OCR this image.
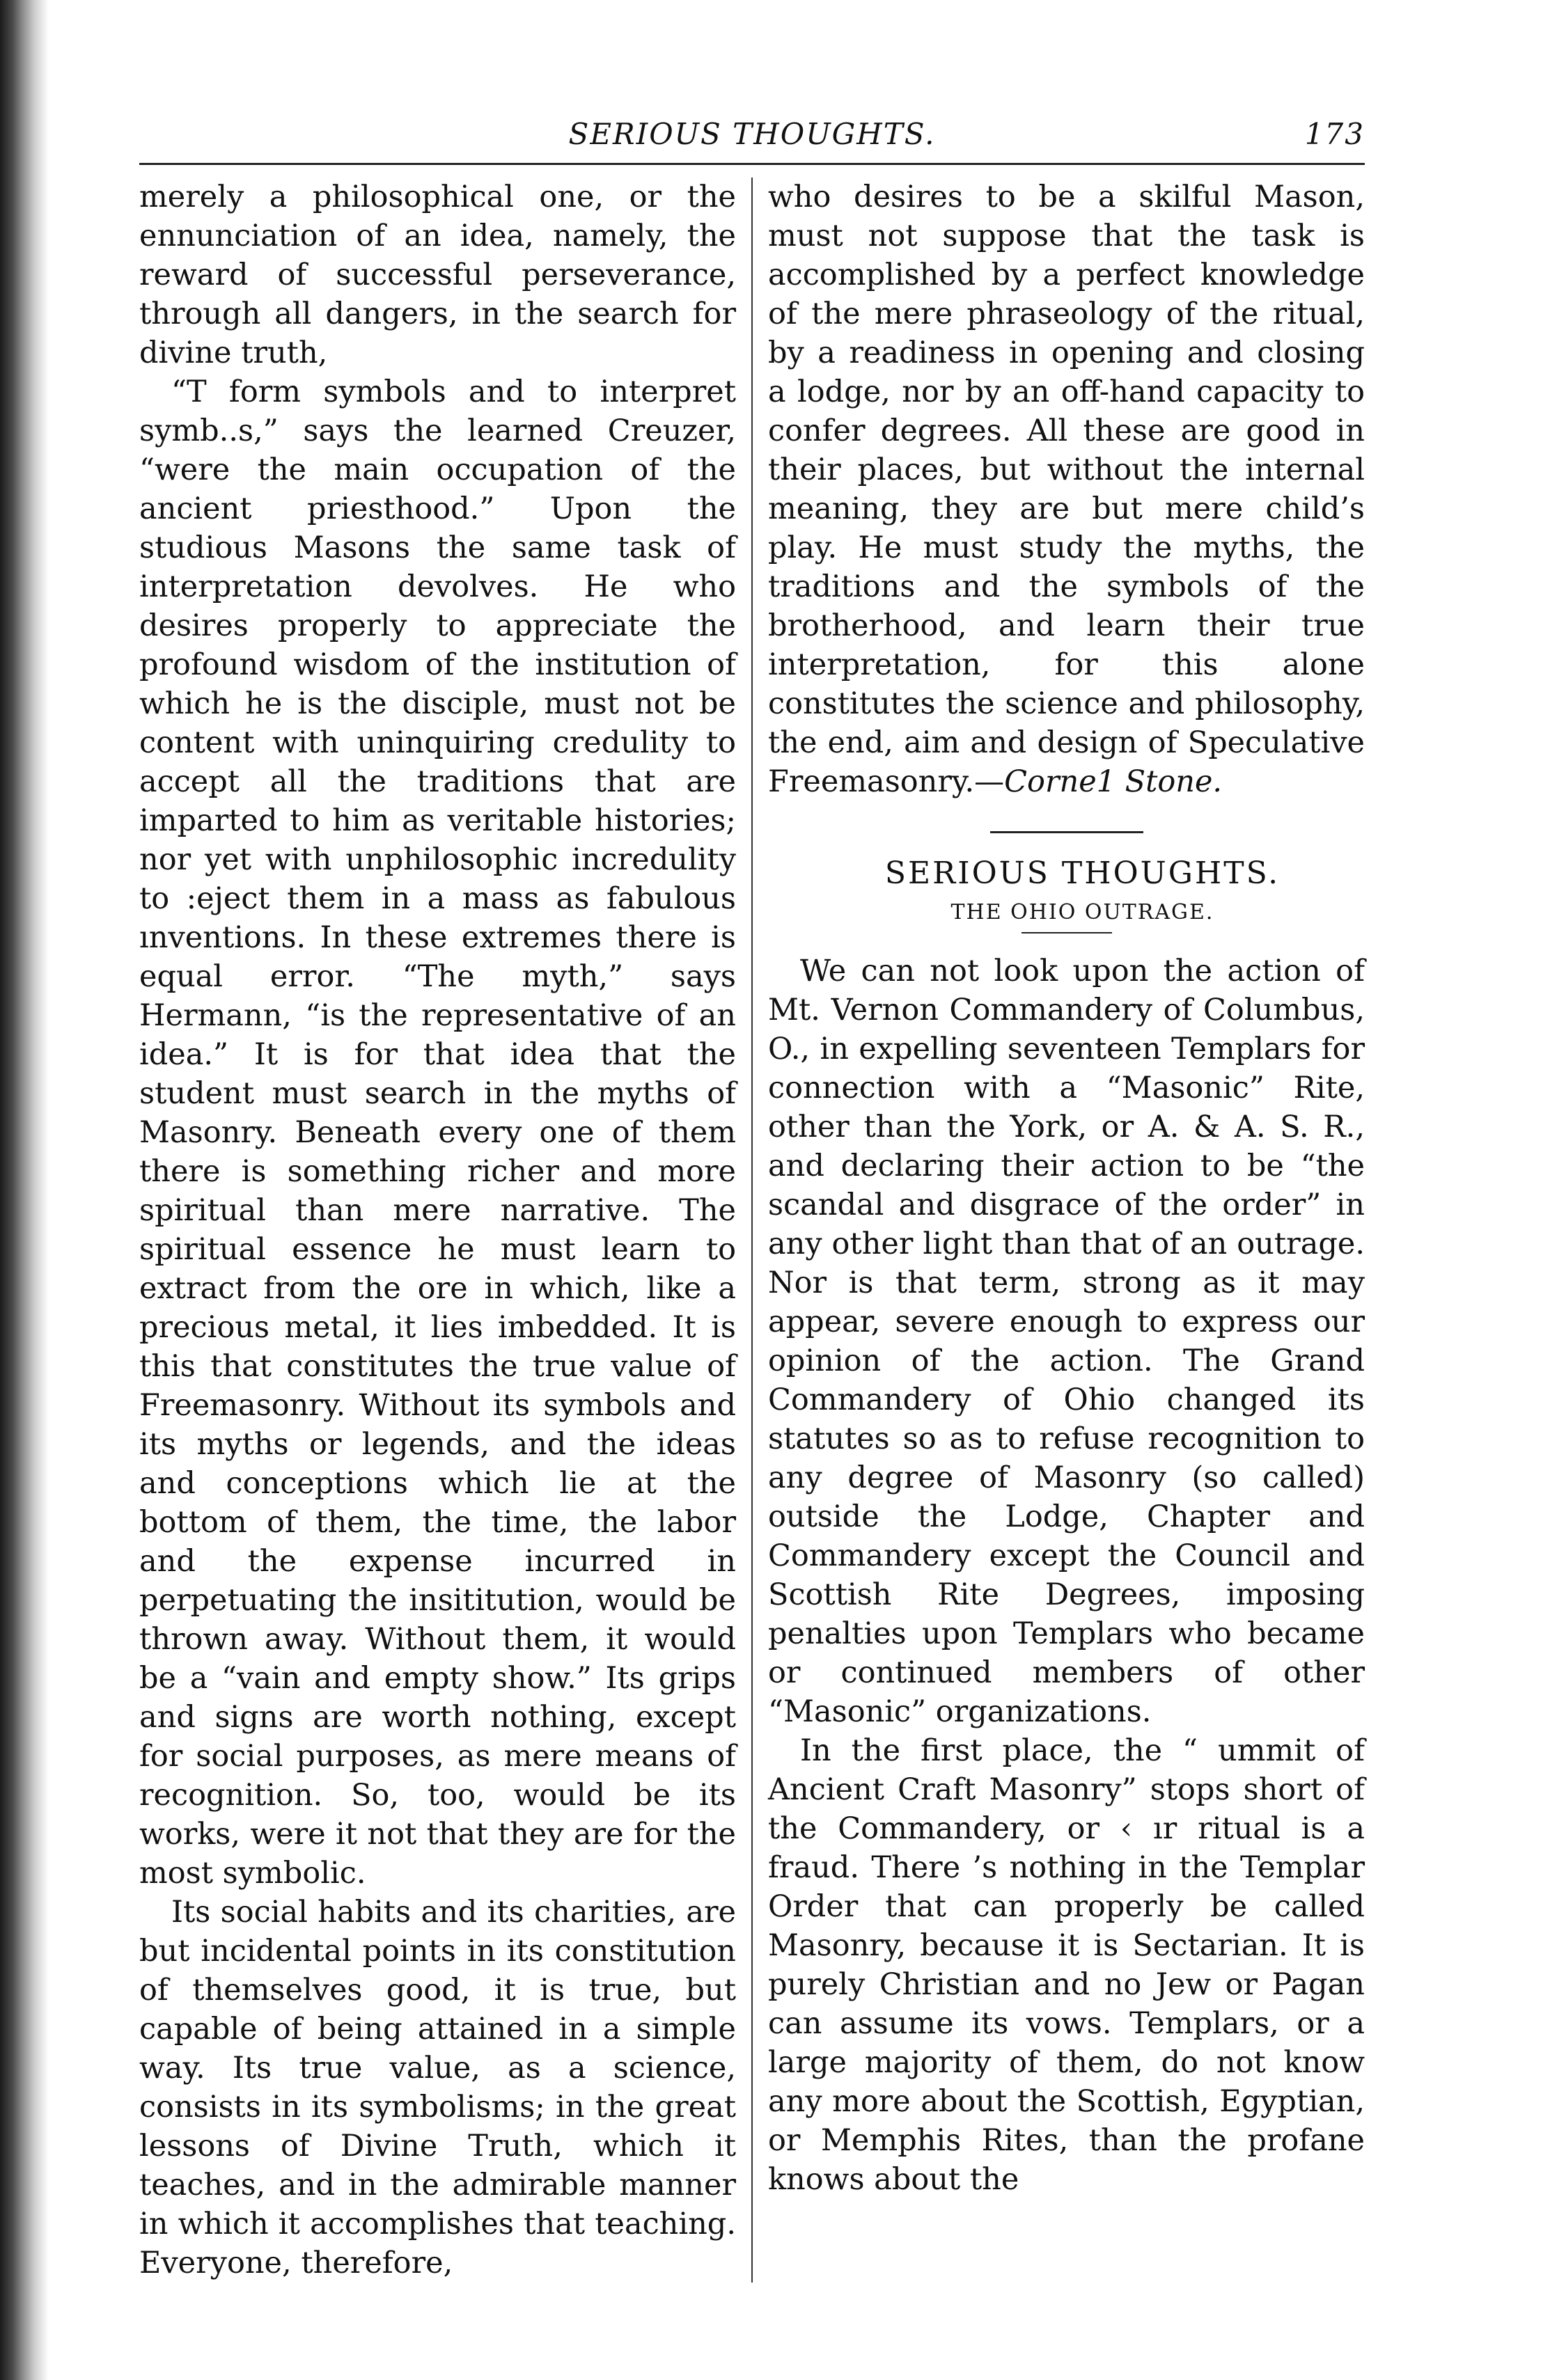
SERIOUS THOUGHTS.	173

merely a philosophical one, or the ennunciation of an idea, namely, the reward of successful perseverance, through all dangers, in the search for divine truth,

“T form symbols and to interpret symb..s,” says the learned Creuzer, “were the main occupation of the ancient priesthood.” Upon the studious Masons the same task of interpretation devolves. He who desires properly to appreciate the profound wisdom of the institution of which he is the disciple, must not be content with uninquiring credulity to accept all the traditions that are imparted to him as veritable histories; nor yet with unphilosophic incredulity to :eject them in a mass as fabulous ınventions. In these extremes there is equal error. “The myth,” says Hermann, “is the representative of an idea.” It is for that idea that the student must search in the myths of Masonry. Beneath every one of them there is something richer and more spiritual than mere narrative. The spiritual essence he must learn to extract from the ore in which, like a precious metal, it lies imbedded. It is this that constitutes the true value of Freemasonry. Without its symbols and its myths or legends, and the ideas and conceptions which lie at the bottom of them, the time, the labor and the expense incurred in perpetuating the insititution, would be thrown away. Without them, it would be a “vain and empty show.” Its grips and signs are worth nothing, except for social purposes, as mere means of recognition. So, too, would be its works, were it not that they are for the most symbolic.

Its social habits and its charities, are but incidental points in its constitution of themselves good, it is true, but capable of being attained in a simple way. Its true value, as a science, consists in its symbolisms; in the great lessons of Divine Truth, which it teaches, and in the admirable manner in which it accomplishes that teaching. Everyone, therefore,

who desires to be a skilful Mason, must not suppose that the task is accomplished by a perfect knowledge of the mere phraseology of the ritual, by a readiness in opening and closing a lodge, nor by an off-hand capacity to confer degrees. All these are good in their places, but without the internal meaning, they are but mere child’s play. He must study the myths, the traditions and the symbols of the brotherhood, and learn their true interpretation, for this alone constitutes the science and philosophy, the end, aim and design of Speculative Freemasonry.—Corne1 Stone.

SERIOUS THOUGHTS.

THE OHIO OUTRAGE.

We can not look upon the action of Mt. Vernon Commandery of Columbus, O., in expelling seventeen Templars for connection with a “Masonic” Rite, other than the York, or A. & A. S. R., and declaring their action to be “the scandal and disgrace of the order” in any other light than that of an outrage. Nor is that term, strong as it may appear, severe enough to express our opinion of the action. The Grand Commandery of Ohio changed its statutes so as to refuse recognition to any degree of Masonry (so called) outside the Lodge, Chapter and Commandery except the Council and Scottish Rite Degrees, imposing penalties upon Templars who became or continued members of other “Masonic” organizations.

In the first place, the “ ummit of Ancient Craft Masonry” stops short of the Commandery, or ‹ ır ritual is a fraud. There ’s nothing in the Templar Order that can properly be called Masonry, because it is Sectarian. It is purely Christian and no Jew or Pagan can assume its vows. Templars, or a large majority of them, do not know any more about the Scottish, Egyptian, or Memphis Rites, than the profane knows about the
